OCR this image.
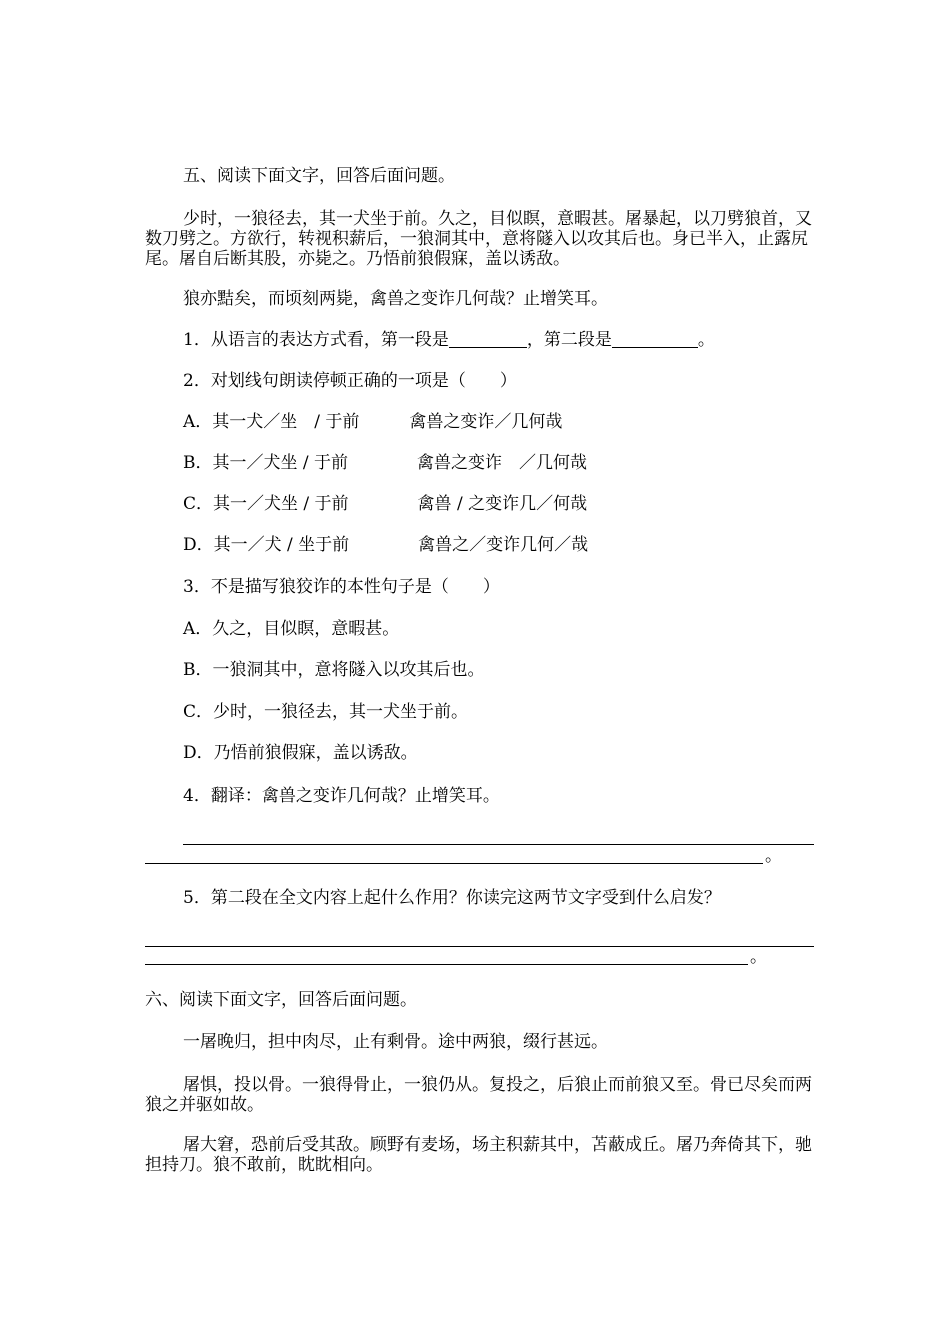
五、阅读下面文字，回答后面问题。
少时，一狼径去，其一犬坐于前。久之，目似瞑，意暇甚。屠暴起，以刀劈狼首，又数刀劈之。方欲行，转视积薪后，一狼洞其中，意将隧入以攻其后也。身已半入，止露尻尾。屠自后断其股，亦毙之。乃悟前狼假寐，盖以诱敌。
狼亦黠矣，而顷刻两毙，禽兽之变诈几何哉？止增笑耳。
1．从语言的表达方式看，第一段是	，第二段是	。
2．对划线句朗读停顿正确的一项是（　　）
A．其一犬／坐　/ 于前	禽兽之变诈／几何哉
B．其一／犬坐 / 于前	禽兽之变诈　／几何哉
C．其一／犬坐 / 于前	禽兽 / 之变诈几／何哉
D．其一／犬 / 坐于前	禽兽之／变诈几何／哉
3．不是描写狼狡诈的本性句子是（　　）
A．久之，目似瞑，意暇甚。
B．一狼洞其中，意将隧入以攻其后也。
C．少时，一狼径去，其一犬坐于前。
D．乃悟前狼假寐，盖以诱敌。
4．翻译：禽兽之变诈几何哉？止增笑耳。
。
5．第二段在全文内容上起什么作用？你读完这两节文字受到什么启发？
。
六、阅读下面文字，回答后面问题。
一屠晚归，担中肉尽，止有剩骨。途中两狼，缀行甚远。
屠惧，投以骨。一狼得骨止，一狼仍从。复投之，后狼止而前狼又至。骨已尽矣而两狼之并驱如故。
屠大窘，恐前后受其敌。顾野有麦场，场主积薪其中，苫蔽成丘。屠乃奔倚其下，驰担持刀。狼不敢前，眈眈相向。
